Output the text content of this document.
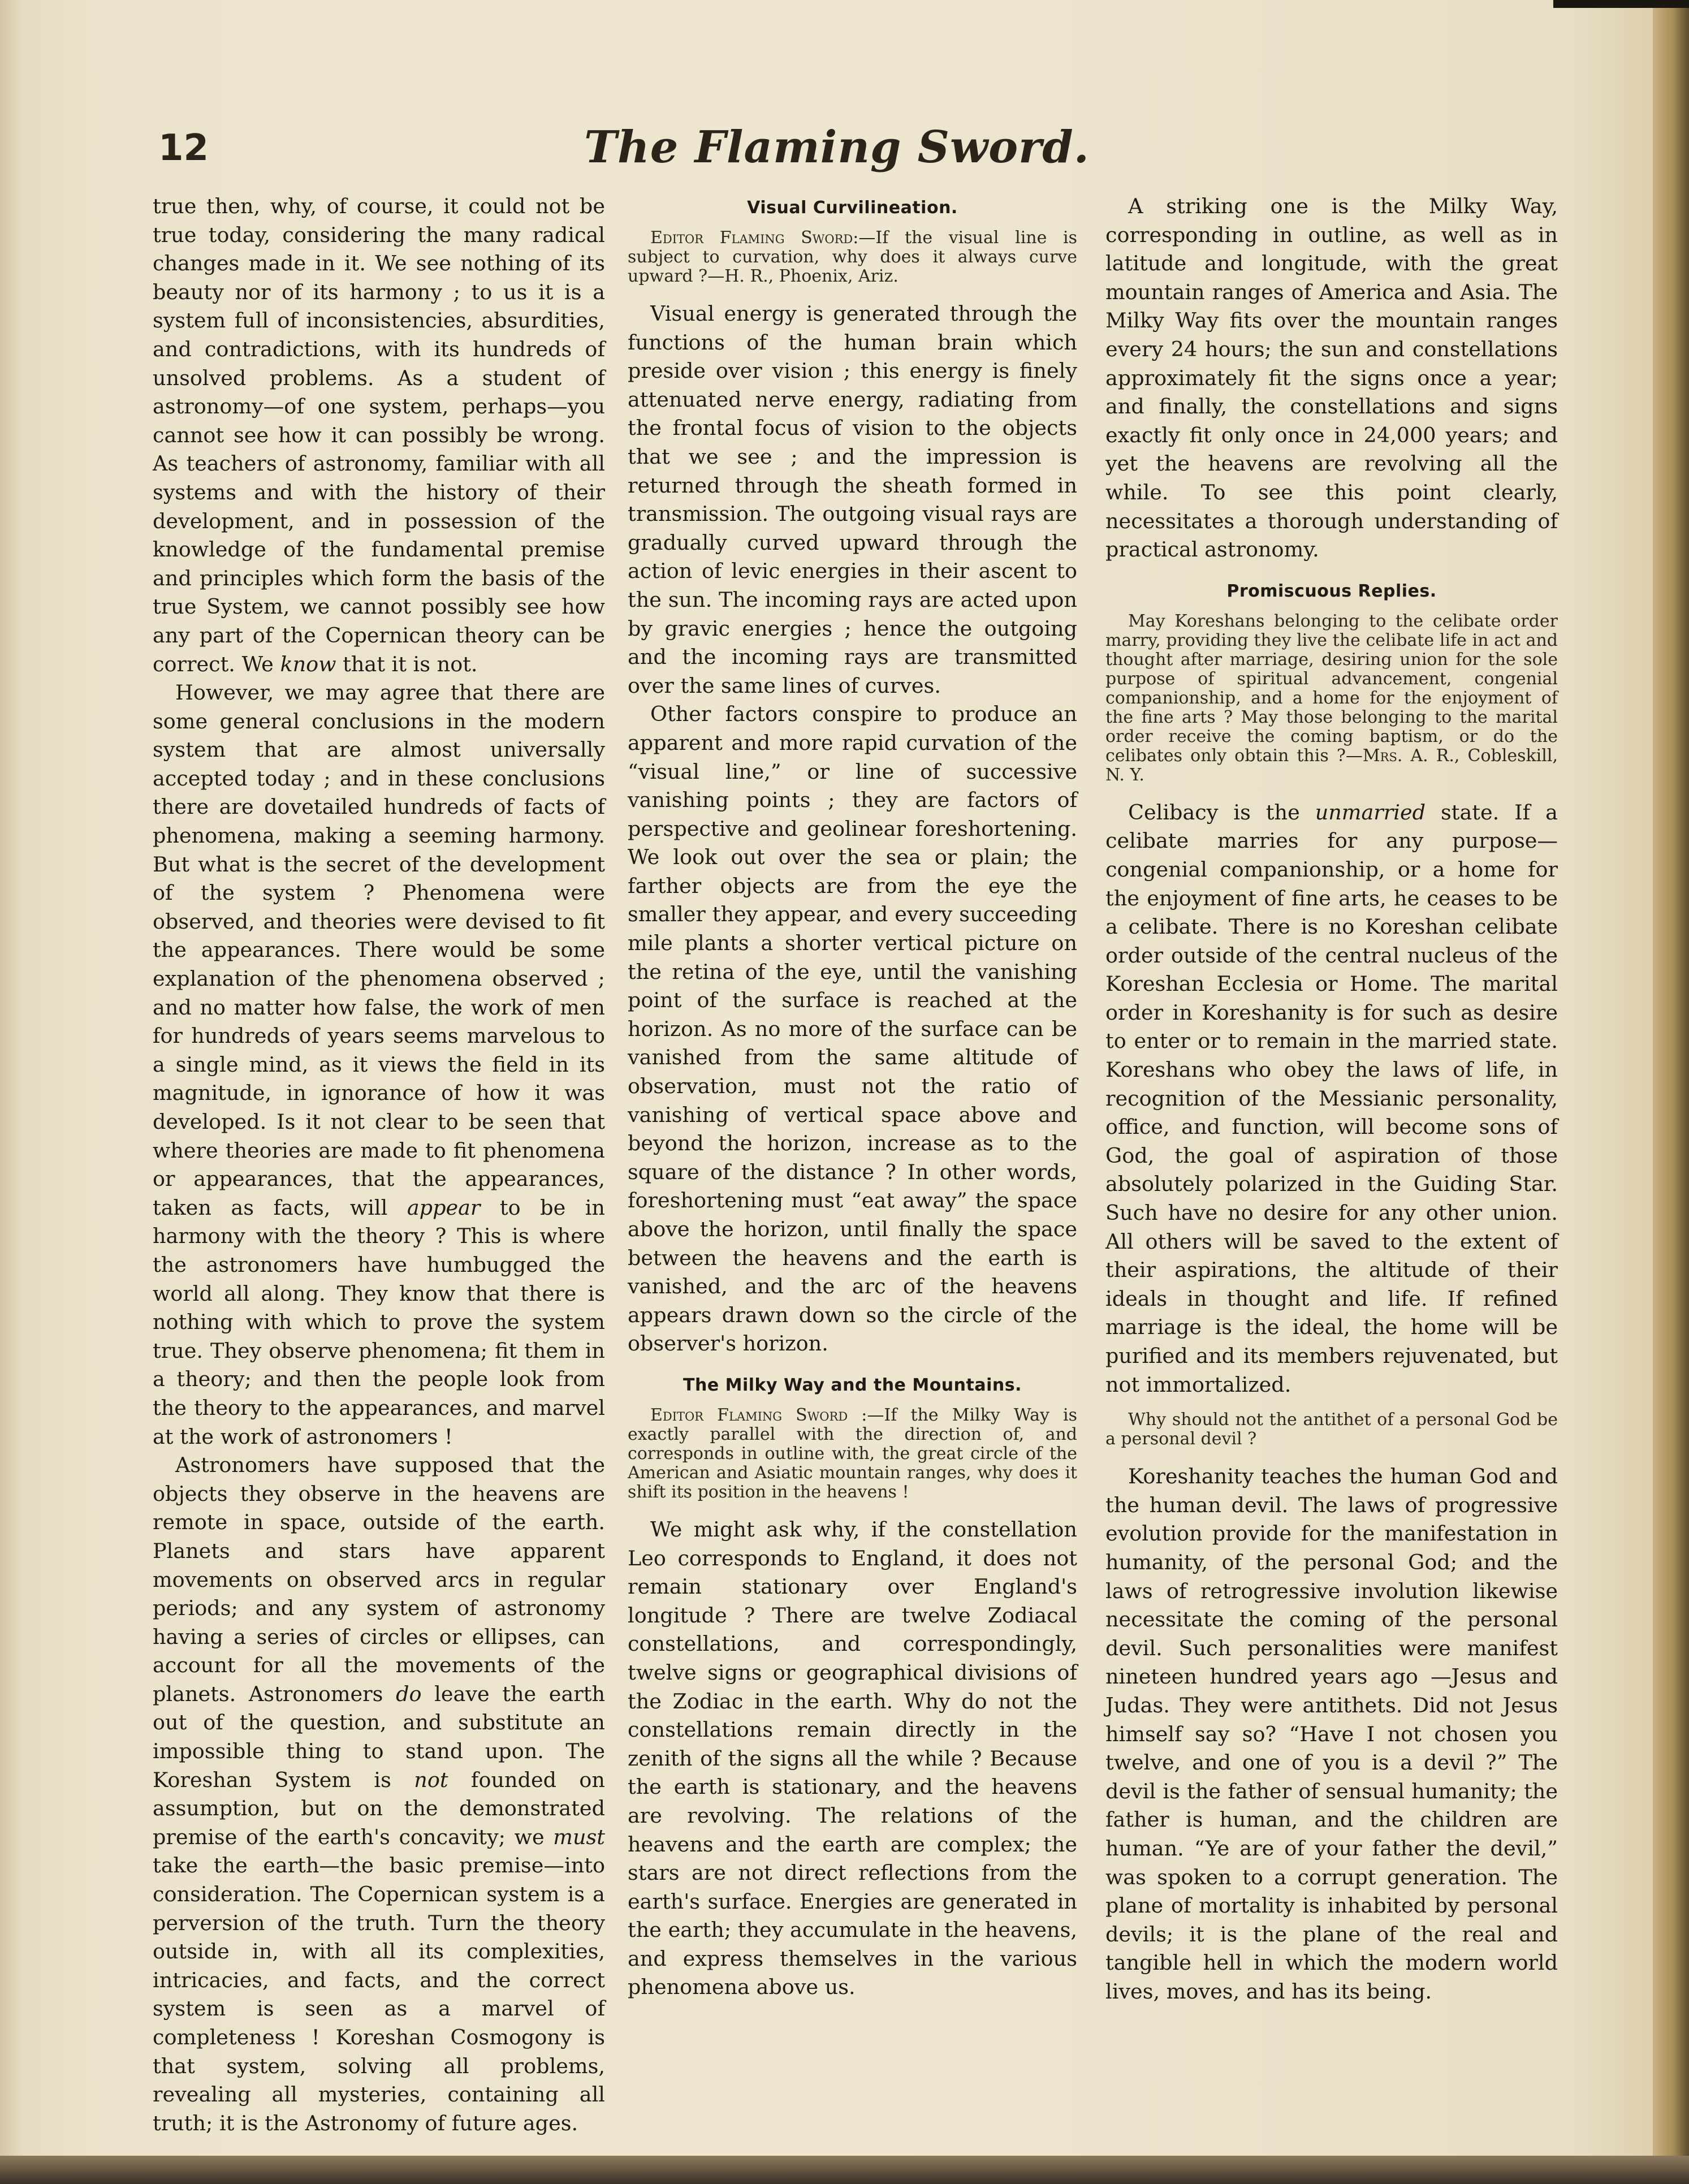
The Flaming Sword.
12

true then, why, of course, it could not be true today, considering the many radical changes made in it. We see nothing of its beauty nor of its harmony ; to us it is a system full of inconsistencies, absurdities, and contradictions, with its hundreds of unsolved problems. As a student of astronomy—of one system, perhaps—you cannot see how it can possibly be wrong. As teachers of astronomy, familiar with all systems and with the history of their development, and in possession of the knowledge of the fundamental premise and principles which form the basis of the true System, we cannot possibly see how any part of the Copernican theory can be correct. We know that it is not.

However, we may agree that there are some general conclusions in the modern system that are almost universally accepted today ; and in these conclusions there are dovetailed hundreds of facts of phenomena, making a seeming harmony. But what is the secret of the development of the system ? Phenomena were observed, and theories were devised to fit the appearances. There would be some explanation of the phenomena observed ; and no matter how false, the work of men for hundreds of years seems marvelous to a single mind, as it views the field in its magnitude, in ignorance of how it was developed. Is it not clear to be seen that where theories are made to fit phenomena or appearances, that the appearances, taken as facts, will appear to be in harmony with the theory ? This is where the astronomers have humbugged the world all along. They know that there is nothing with which to prove the system true. They observe phenomena; fit them in a theory; and then the people look from the theory to the appearances, and marvel at the work of astronomers !

Astronomers have supposed that the objects they observe in the heavens are remote in space, outside of the earth. Planets and stars have apparent movements on observed arcs in regular periods; and any system of astronomy having a series of circles or ellipses, can account for all the movements of the planets. Astronomers do leave the earth out of the question, and substitute an impossible thing to stand upon. The Koreshan System is not founded on assumption, but on the demonstrated premise of the earth's concavity; we must take the earth—the basic premise—into consideration. The Copernican system is a perversion of the truth. Turn the theory outside in, with all its complexities, intricacies, and facts, and the correct system is seen as a marvel of completeness ! Koreshan Cosmogony is that system, solving all problems, revealing all mysteries, containing all truth; it is the Astronomy of future ages.

Visual Curvilineation.

Editor Flaming Sword:—If the visual line is subject to curvation, why does it always curve upward ?—H. R., Phoenix, Ariz.

Visual energy is generated through the functions of the human brain which preside over vision ; this energy is finely attenuated nerve energy, radiating from the frontal focus of vision to the objects that we see ; and the impression is returned through the sheath formed in transmission. The outgoing visual rays are gradually curved upward through the action of levic energies in their ascent to the sun. The incoming rays are acted upon by gravic energies ; hence the outgoing and the incoming rays are transmitted over the same lines of curves.

Other factors conspire to produce an apparent and more rapid curvation of the “visual line,” or line of successive vanishing points ; they are factors of perspective and geolinear foreshortening. We look out over the sea or plain; the farther objects are from the eye the smaller they appear, and every succeeding mile plants a shorter vertical picture on the retina of the eye, until the vanishing point of the surface is reached at the horizon. As no more of the surface can be vanished from the same altitude of observation, must not the ratio of vanishing of vertical space above and beyond the horizon, increase as to the square of the distance ? In other words, foreshortening must “eat away” the space above the horizon, until finally the space between the heavens and the earth is vanished, and the arc of the heavens appears drawn down so the circle of the observer's horizon.

The Milky Way and the Mountains.

Editor Flaming Sword :—If the Milky Way is exactly parallel with the direction of, and corresponds in outline with, the great circle of the American and Asiatic mountain ranges, why does it shift its position in the heavens !

We might ask why, if the constellation Leo corresponds to England, it does not remain stationary over England's longitude ? There are twelve Zodiacal constellations, and correspondingly, twelve signs or geographical divisions of the Zodiac in the earth. Why do not the constellations remain directly in the zenith of the signs all the while ? Because the earth is stationary, and the heavens are revolving. The relations of the heavens and the earth are complex; the stars are not direct reflections from the earth's surface. Energies are generated in the earth; they accumulate in the heavens, and express themselves in the various phenomena above us.

A striking one is the Milky Way, corresponding in outline, as well as in latitude and longitude, with the great mountain ranges of America and Asia. The Milky Way fits over the mountain ranges every 24 hours; the sun and constellations approximately fit the signs once a year; and finally, the constellations and signs exactly fit only once in 24,000 years; and yet the heavens are revolving all the while. To see this point clearly, necessitates a thorough understanding of practical astronomy.

Promiscuous Replies.

May Koreshans belonging to the celibate order marry, providing they live the celibate life in act and thought after marriage, desiring union for the sole purpose of spiritual advancement, congenial companionship, and a home for the enjoyment of the fine arts ? May those belonging to the marital order receive the coming baptism, or do the celibates only obtain this ?—Mrs. A. R., Cobleskill, N. Y.

Celibacy is the unmarried state. If a celibate marries for any purpose—congenial companionship, or a home for the enjoyment of fine arts, he ceases to be a celibate. There is no Koreshan celibate order outside of the central nucleus of the Koreshan Ecclesia or Home. The marital order in Koreshanity is for such as desire to enter or to remain in the married state. Koreshans who obey the laws of life, in recognition of the Messianic personality, office, and function, will become sons of God, the goal of aspiration of those absolutely polarized in the Guiding Star. Such have no desire for any other union. All others will be saved to the extent of their aspirations, the altitude of their ideals in thought and life. If refined marriage is the ideal, the home will be purified and its members rejuvenated, but not immortalized.

Why should not the antithet of a personal God be a personal devil ?

Koreshanity teaches the human God and the human devil. The laws of progressive evolution provide for the manifestation in humanity, of the personal God; and the laws of retrogressive involution likewise necessitate the coming of the personal devil. Such personalities were manifest nineteen hundred years ago —Jesus and Judas. They were antithets. Did not Jesus himself say so? “Have I not chosen you twelve, and one of you is a devil ?” The devil is the father of sensual humanity; the father is human, and the children are human. “Ye are of your father the devil,” was spoken to a corrupt generation. The plane of mortality is inhabited by personal devils; it is the plane of the real and tangible hell in which the modern world lives, moves, and has its being.
